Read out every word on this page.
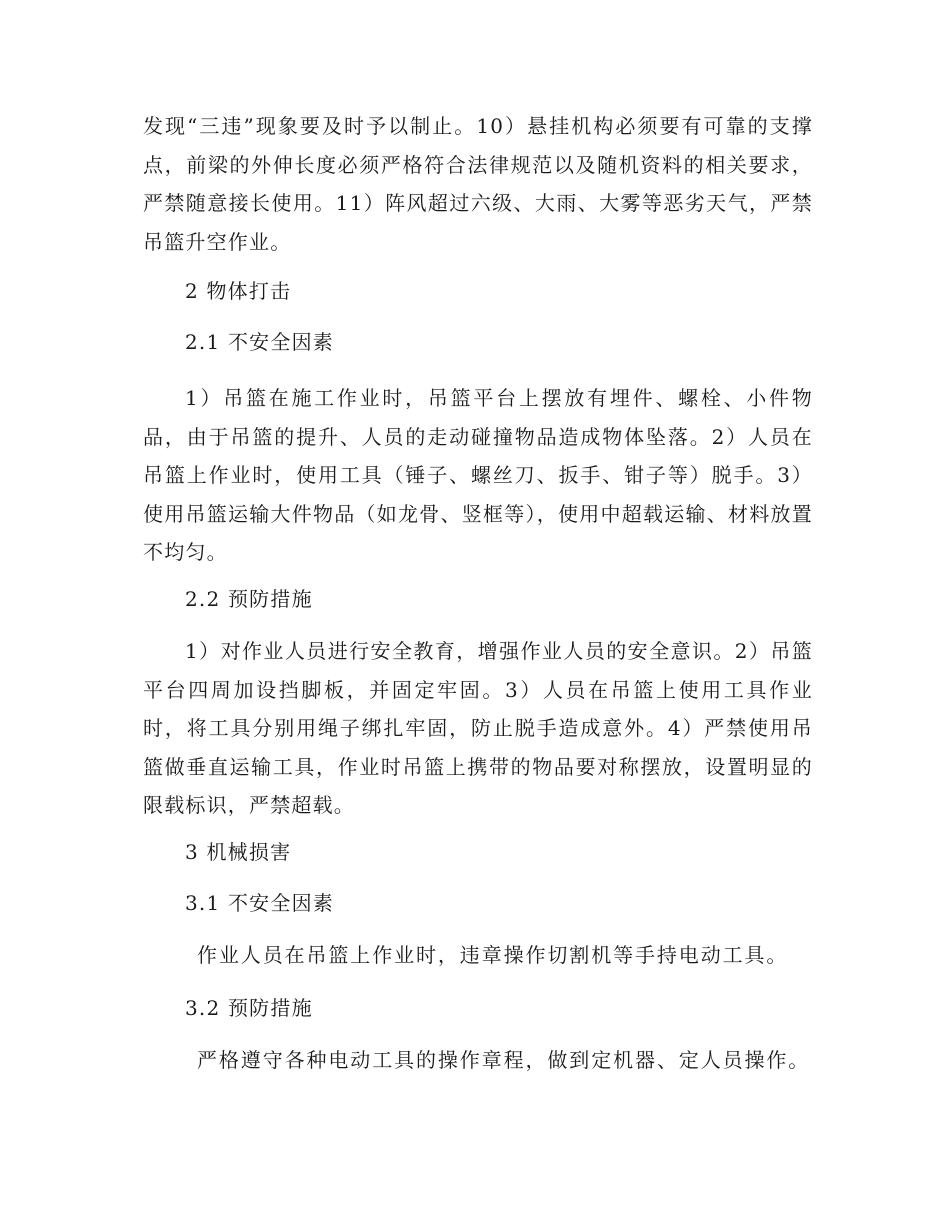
发现“三违”现象要及时予以制止。10）悬挂机构必须要有可靠的支撑点，前梁的外伸长度必须严格符合法律规范以及随机资料的相关要求，严禁随意接长使用。11）阵风超过六级、大雨、大雾等恶劣天气，严禁吊篮升空作业。

2 物体打击

2.1 不安全因素

1）吊篮在施工作业时，吊篮平台上摆放有埋件、螺栓、小件物品，由于吊篮的提升、人员的走动碰撞物品造成物体坠落。2）人员在吊篮上作业时，使用工具（锤子、螺丝刀、扳手、钳子等）脱手。3）使用吊篮运输大件物品（如龙骨、竖框等），使用中超载运输、材料放置不均匀。

2.2 预防措施

1）对作业人员进行安全教育，增强作业人员的安全意识。2）吊篮平台四周加设挡脚板，并固定牢固。3）人员在吊篮上使用工具作业时，将工具分别用绳子绑扎牢固，防止脱手造成意外。4）严禁使用吊篮做垂直运输工具，作业时吊篮上携带的物品要对称摆放，设置明显的限载标识，严禁超载。

3 机械损害

3.1 不安全因素

作业人员在吊篮上作业时，违章操作切割机等手持电动工具。

3.2 预防措施

严格遵守各种电动工具的操作章程，做到定机器、定人员操作。
